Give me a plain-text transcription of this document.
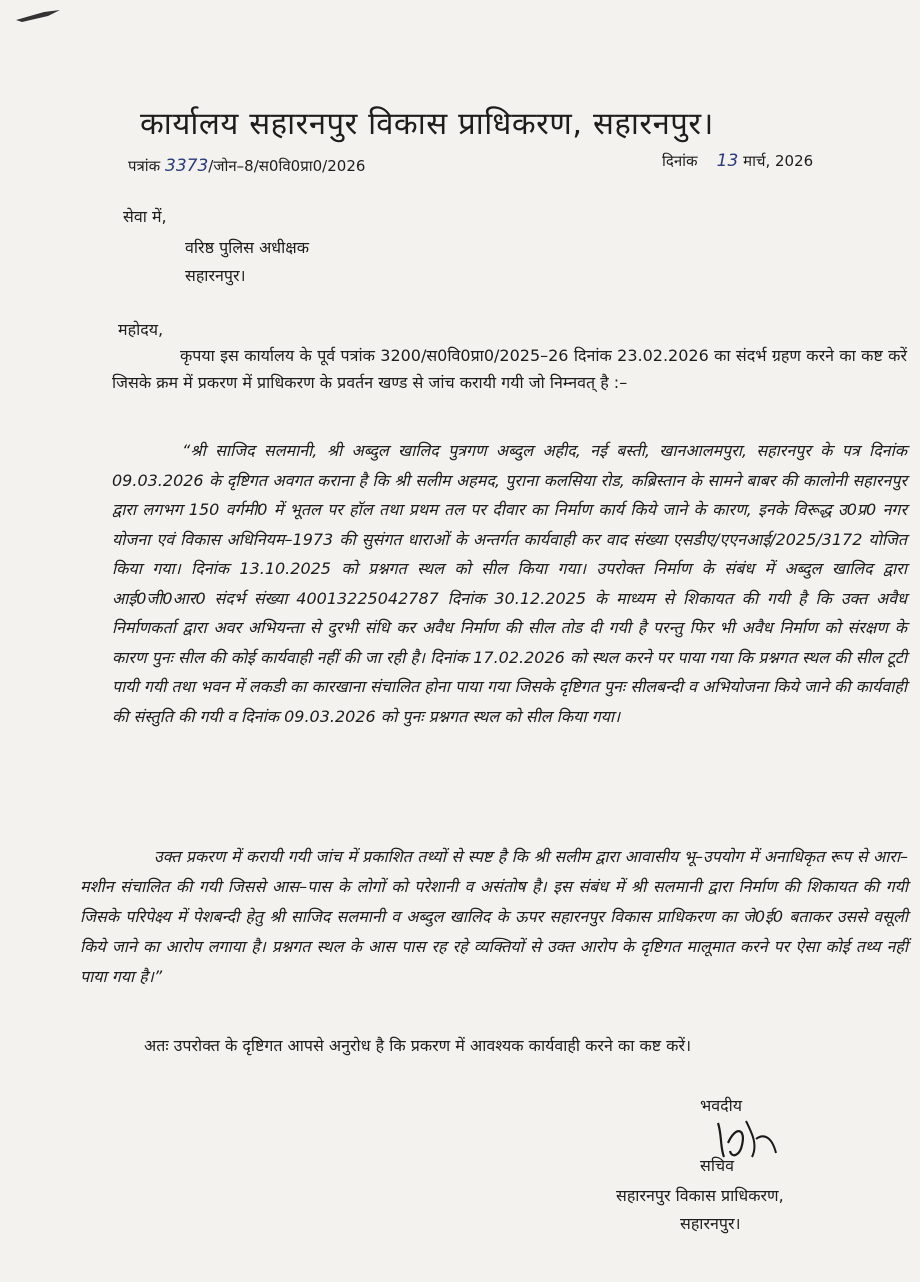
कार्यालय सहारनपुर विकास प्राधिकरण, सहारनपुर।
पत्रांक 3373/जोन–8/स0वि0प्रा0/2026	दिनांक 13 मार्च, 2026
सेवा में,
वरिष्ठ पुलिस अधीक्षक
सहारनपुर।
महोदय,
कृपया इस कार्यालय के पूर्व पत्रांक 3200/स0वि0प्रा0/2025–26 दिनांक 23.02.2026 का संदर्भ ग्रहण करने का कष्ट करें जिसके क्रम में प्रकरण में प्राधिकरण के प्रवर्तन खण्ड से जांच करायी गयी जो निम्नवत् है :–
“श्री साजिद सलमानी, श्री अब्दुल खालिद पुत्रगण अब्दुल अहीद, नई बस्ती, खानआलमपुरा, सहारनपुर के पत्र दिनांक 09.03.2026 के दृष्टिगत अवगत कराना है कि श्री सलीम अहमद, पुराना कलसिया रोड, कब्रिस्तान के सामने बाबर की कालोनी सहारनपुर द्वारा लगभग 150 वर्गमी0 में भूतल पर हॉल तथा प्रथम तल पर दीवार का निर्माण कार्य किये जाने के कारण, इनके विरूद्ध उ0प्र0 नगर योजना एवं विकास अधिनियम–1973 की सुसंगत धाराओं के अन्तर्गत कार्यवाही कर वाद संख्या एसडीए/एएनआई/2025/3172 योजित किया गया। दिनांक 13.10.2025 को प्रश्नगत स्थल को सील किया गया। उपरोक्त निर्माण के संबंध में अब्दुल खालिद द्वारा आई0जी0आर0 संदर्भ संख्या 40013225042787 दिनांक 30.12.2025 के माध्यम से शिकायत की गयी है कि उक्त अवैध निर्माणकर्ता द्वारा अवर अभियन्ता से दुरभी संधि कर अवैध निर्माण की सील तोड दी गयी है परन्तु फिर भी अवैध निर्माण को संरक्षण के कारण पुनः सील की कोई कार्यवाही नहीं की जा रही है। दिनांक 17.02.2026 को स्थल करने पर पाया गया कि प्रश्नगत स्थल की सील टूटी पायी गयी तथा भवन में लकडी का कारखाना संचालित होना पाया गया जिसके दृष्टिगत पुनः सीलबन्दी व अभियोजना किये जाने की कार्यवाही की संस्तुति की गयी व दिनांक 09.03.2026 को पुनः प्रश्नगत स्थल को सील किया गया।
उक्त प्रकरण में करायी गयी जांच में प्रकाशित तथ्यों से स्पष्ट है कि श्री सलीम द्वारा आवासीय भू–उपयोग में अनाधिकृत रूप से आरा–मशीन संचालित की गयी जिससे आस–पास के लोगों को परेशानी व असंतोष है। इस संबंध में श्री सलमानी द्वारा निर्माण की शिकायत की गयी जिसके परिपेक्ष्य में पेशबन्दी हेतु श्री साजिद सलमानी व अब्दुल खालिद के ऊपर सहारनपुर विकास प्राधिकरण का जे0ई0 बताकर उससे वसूली किये जाने का आरोप लगाया है। प्रश्नगत स्थल के आस पास रह रहे व्यक्तियों से उक्त आरोप के दृष्टिगत मालूमात करने पर ऐसा कोई तथ्य नहीं पाया गया है।”
अतः उपरोक्त के दृष्टिगत आपसे अनुरोध है कि प्रकरण में आवश्यक कार्यवाही करने का कष्ट करें।
भवदीय
सचिव
सहारनपुर विकास प्राधिकरण,
सहारनपुर।
